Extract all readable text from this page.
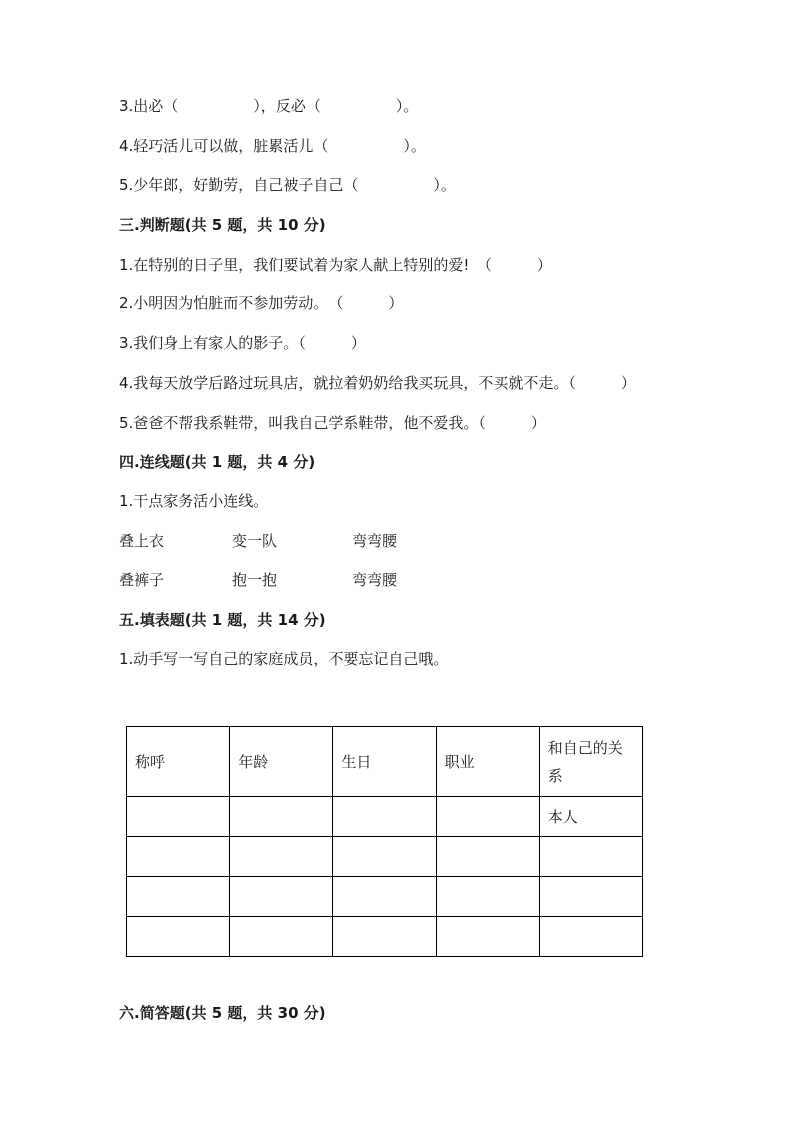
3.出必（　　　　　），反必（　　　　　）。
4.轻巧活儿可以做，脏累活儿（　　　　　）。
5.少年郎，好勤劳，自己被子自己（　　　　　）。
三.判断题(共 5 题，共 10 分)
1.在特别的日子里，我们要试着为家人献上特别的爱!　（　　　）
2.小明因为怕脏而不参加劳动。　（　　　）
3.我们身上有家人的影子。（　　　）
4.我每天放学后路过玩具店，就拉着奶奶给我买玩具，不买就不走。（　　　）
5.爸爸不帮我系鞋带，叫我自己学系鞋带，他不爱我。（　　　）
四.连线题(共 1 题，共 4 分)
1.干点家务活小连线。
叠上衣	变一队	弯弯腰
叠裤子	抱一抱	弯弯腰
五.填表题(共 1 题，共 14 分)
1.动手写一写自己的家庭成员，不要忘记自己哦。
称呼	年龄	生日	职业	和自己的关系
				本人

六.简答题(共 5 题，共 30 分)
